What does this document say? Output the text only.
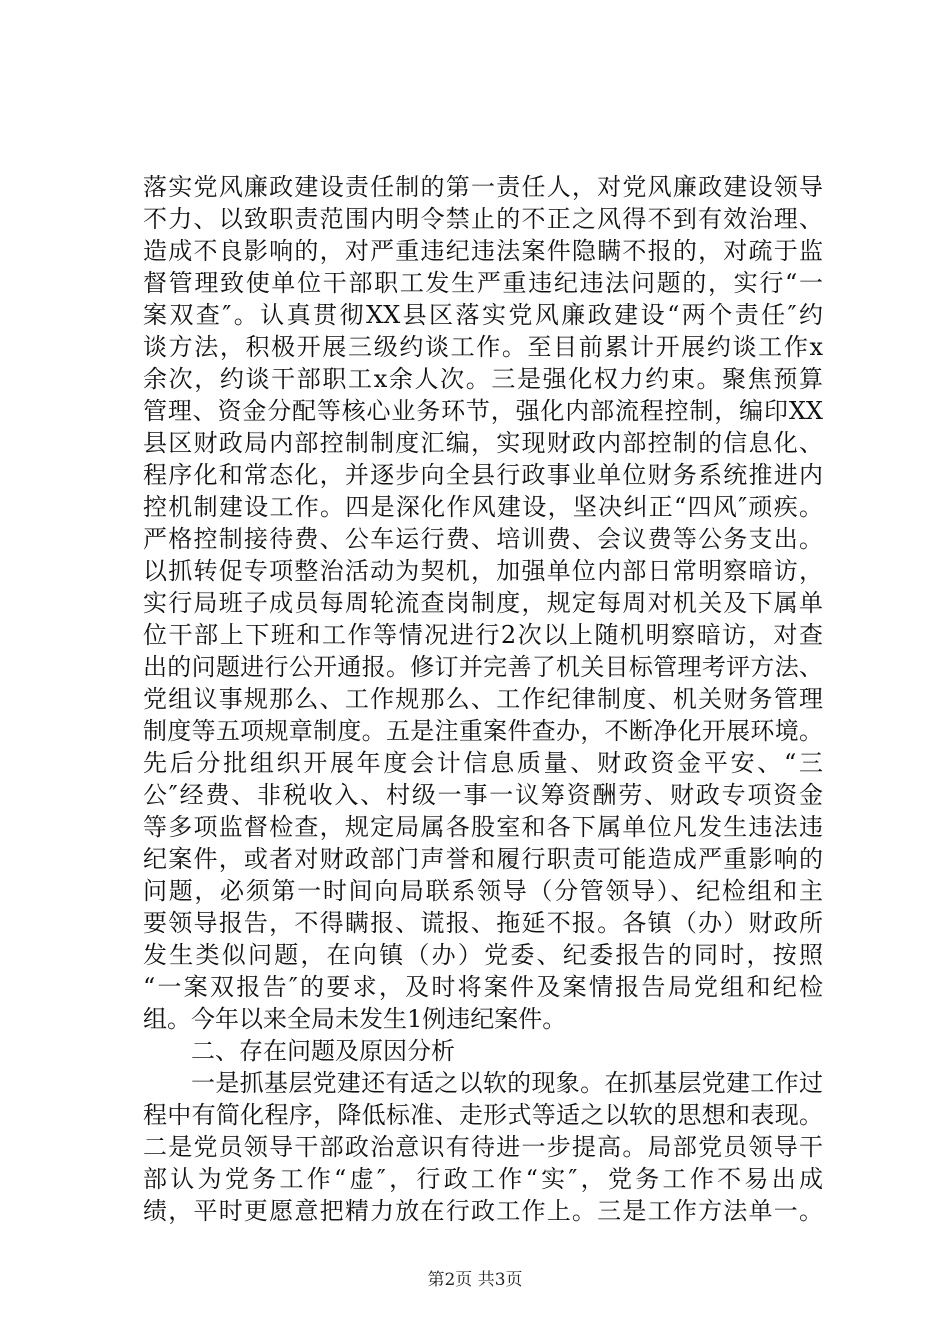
落实党风廉政建设责任制的第一责任人，对党风廉政建设领导
不力、以致职责范围内明令禁止的不正之风得不到有效治理、
造成不良影响的，对严重违纪违法案件隐瞒不报的，对疏于监
督管理致使单位干部职工发生严重违纪违法问题的，实行“一
案双查″。认真贯彻XX县区落实党风廉政建设“两个责任″约
谈方法，积极开展三级约谈工作。至目前累计开展约谈工作x
余次，约谈干部职工x余人次。三是强化权力约束。聚焦预算
管理、资金分配等核心业务环节，强化内部流程控制，编印XX
县区财政局内部控制制度汇编，实现财政内部控制的信息化、
程序化和常态化，并逐步向全县行政事业单位财务系统推进内
控机制建设工作。四是深化作风建设，坚决纠正“四风″顽疾。
严格控制接待费、公车运行费、培训费、会议费等公务支出。
以抓转促专项整治活动为契机，加强单位内部日常明察暗访，
实行局班子成员每周轮流查岗制度，规定每周对机关及下属单
位干部上下班和工作等情况进行2次以上随机明察暗访，对查
出的问题进行公开通报。修订并完善了机关目标管理考评方法、
党组议事规那么、工作规那么、工作纪律制度、机关财务管理
制度等五项规章制度。五是注重案件查办，不断净化开展环境。
先后分批组织开展年度会计信息质量、财政资金平安、“三
公″经费、非税收入、村级一事一议筹资酬劳、财政专项资金
等多项监督检查，规定局属各股室和各下属单位凡发生违法违
纪案件，或者对财政部门声誉和履行职责可能造成严重影响的
问题，必须第一时间向局联系领导（分管领导）、纪检组和主
要领导报告，不得瞒报、谎报、拖延不报。各镇（办）财政所
发生类似问题，在向镇（办）党委、纪委报告的同时，按照
“一案双报告″的要求，及时将案件及案情报告局党组和纪检
组。今年以来全局未发生1例违纪案件。
二、存在问题及原因分析
一是抓基层党建还有适之以软的现象。在抓基层党建工作过
程中有简化程序，降低标准、走形式等适之以软的思想和表现。
二是党员领导干部政治意识有待进一步提高。局部党员领导干
部认为党务工作“虚″，行政工作“实″，党务工作不易出成
绩，平时更愿意把精力放在行政工作上。三是工作方法单一。
第2页 共3页
